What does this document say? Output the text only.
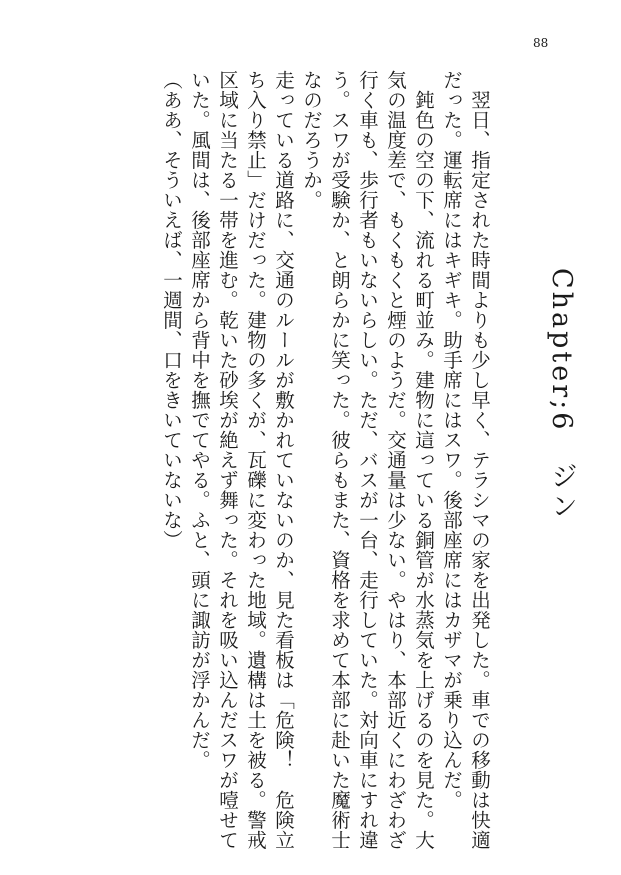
88
Chapter;6　ジン

翌日、指定された時間よりも少し早く、テラシマの家を出発した。車での移動は快適だった。運転席にはキギキ。助手席にはスワ。後部座席にはカザマが乗り込んだ。

鈍色の空の下、流れる町並み。建物に這っている銅管が水蒸気を上げるのを見た。大気の温度差で、もくもくと煙のようだ。交通量は少ない。やはり、本部近くにわざわざ行く車も、歩行者もいないらしい。ただ、バスが一台、走行していた。対向車にすれ違う。スワが受験か、と朗らかに笑った。彼らもまた、資格を求めて本部に赴いた魔術士なのだろうか。

走っている道路に、交通のルールが敷かれていないのか、見た看板は「危険！　危険立ち入り禁止」だけだった。建物の多くが、瓦礫に変わった地域。遺構は土を被る。警戒区域に当たる一帯を進む。乾いた砂埃が絶えず舞った。それを吸い込んだスワが噎せていた。風間は、後部座席から背中を撫でてやる。ふと、頭に諏訪が浮かんだ。

（ああ、そういえば、一週間、口をきいていないな）
